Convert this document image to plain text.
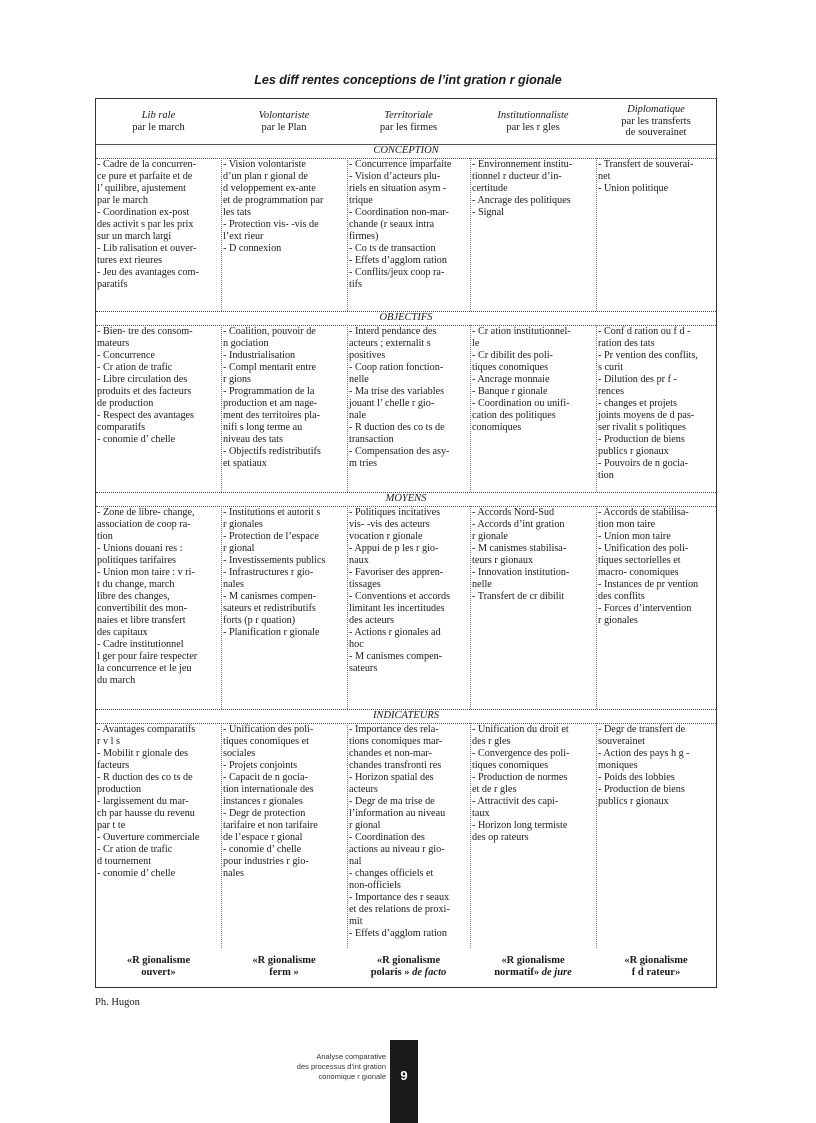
Les diff rentes conceptions de l’int gration r gionale
Lib rale
par le march
Volontariste
par le Plan
Territoriale
par les firmes
Institutionnaliste
par les r gles
Diplomatique
par les transferts
de souverainet
CONCEPTION
- Cadre de la concurren-
ce pure et parfaite et de
l’ quilibre, ajustement
par le march
- Coordination ex-post
des activit s par les prix
sur un march largi
- Lib ralisation et ouver-
tures ext rieures
- Jeu des avantages com-
paratifs
- Vision volontariste
d’un plan r gional de
d veloppement ex-ante
et de programmation par
les tats
- Protection vis- -vis de
l’ext rieur
- D connexion
- Concurrence imparfaite
- Vision d’acteurs plu-
riels en situation asym -
trique
- Coordination non-mar-
chande (r seaux intra
firmes)
- Co ts de transaction
- Effets d’agglom ration
- Conflits/jeux coop ra-
tifs
- Environnement institu-
tionnel r ducteur d’in-
certitude
- Ancrage des politiques
- Signal
- Transfert de souverai-
net
- Union politique
OBJECTIFS
- Bien- tre des consom-
mateurs
- Concurrence
- Cr ation de trafic
- Libre circulation des
produits et des facteurs
de production
- Respect des avantages
comparatifs
- conomie d’ chelle
- Coalition, pouvoir de
n gociation
- Industrialisation
- Compl mentarit entre
r gions
- Programmation de la
production et am nage-
ment des territoires pla-
nifi s long terme au
niveau des tats
- Objectifs redistributifs
et spatiaux
- Interd pendance des
acteurs ; externalit s
positives
- Coop ration fonction-
nelle
- Ma trise des variables
jouant l’ chelle r gio-
nale
- R duction des co ts de
transaction
- Compensation des asy-
m tries
- Cr ation institutionnel-
le
- Cr dibilit des poli-
tiques conomiques
- Ancrage monnaie
- Banque r gionale
- Coordination ou unifi-
cation des politiques
conomiques
- Conf d ration ou f d -
ration des tats
- Pr vention des conflits,
s curit
- Dilution des pr f -
rences
- changes et projets
joints moyens de d pas-
ser rivalit s politiques
- Production de biens
publics r gionaux
- Pouvoirs de n gocia-
tion
MOYENS
- Zone de libre- change,
association de coop ra-
tion
- Unions douani res :
politiques tarifaires
- Union mon taire : v ri-
t du change, march
libre des changes,
convertibilit des mon-
naies et libre transfert
des capitaux
- Cadre institutionnel
l ger pour faire respecter
la concurrence et le jeu
du march
- Institutions et autorit s
r gionales
- Protection de l’espace
r gional
- Investissements publics
- Infrastructures r gio-
nales
- M canismes compen-
sateurs et redistributifs
forts (p r quation)
- Planification r gionale
- Politiques incitatives
vis- -vis des acteurs
vocation r gionale
- Appui de p les r gio-
naux
- Favoriser des appren-
tissages
- Conventions et accords
limitant les incertitudes
des acteurs
- Actions r gionales ad
hoc
- M canismes compen-
sateurs
- Accords Nord-Sud
- Accords d’int gration
r gionale
- M canismes stabilisa-
teurs r gionaux
- Innovation institution-
nelle
- Transfert de cr dibilit
- Accords de stabilisa-
tion mon taire
- Union mon taire
- Unification des poli-
tiques sectorielles et
macro- conomiques
- Instances de pr vention
des conflits
- Forces d’intervention
r gionales
INDICATEURS
- Avantages comparatifs
r v l s
- Mobilit r gionale des
facteurs
- R duction des co ts de
production
- largissement du mar-
ch par hausse du revenu
par t te
- Ouverture commerciale
- Cr ation de trafic
d tournement
- conomie d’ chelle
- Unification des poli-
tiques conomiques et
sociales
- Projets conjoints
- Capacit de n gocia-
tion internationale des
instances r gionales
- Degr de protection
tarifaire et non tarifaire
de l’espace r gional
- conomie d’ chelle
pour industries r gio-
nales
- Importance des rela-
tions conomiques mar-
chandes et non-mar-
chandes transfronti res
- Horizon spatial des
acteurs
- Degr de ma trise de
l’information au niveau
r gional
- Coordination des
actions au niveau r gio-
nal
- changes officiels et
non-officiels
- Importance des r seaux
et des relations de proxi-
mit
- Effets d’agglom ration
- Unification du droit et
des r gles
- Convergence des poli-
tiques conomiques
- Production de normes
et de r gles
- Attractivit des capi-
taux
- Horizon long termiste
des op rateurs
- Degr de transfert de
souverainet
- Action des pays h g -
moniques
- Poids des lobbies
- Production de biens
publics r gionaux
«R gionalisme
ouvert»
«R gionalisme
ferm »
«R gionalisme
polaris » de facto
«R gionalisme
normatif» de jure
«R gionalisme
f d rateur»
Ph. Hugon
Analyse comparative
des processus d’int gration
conomique r gionale	9
